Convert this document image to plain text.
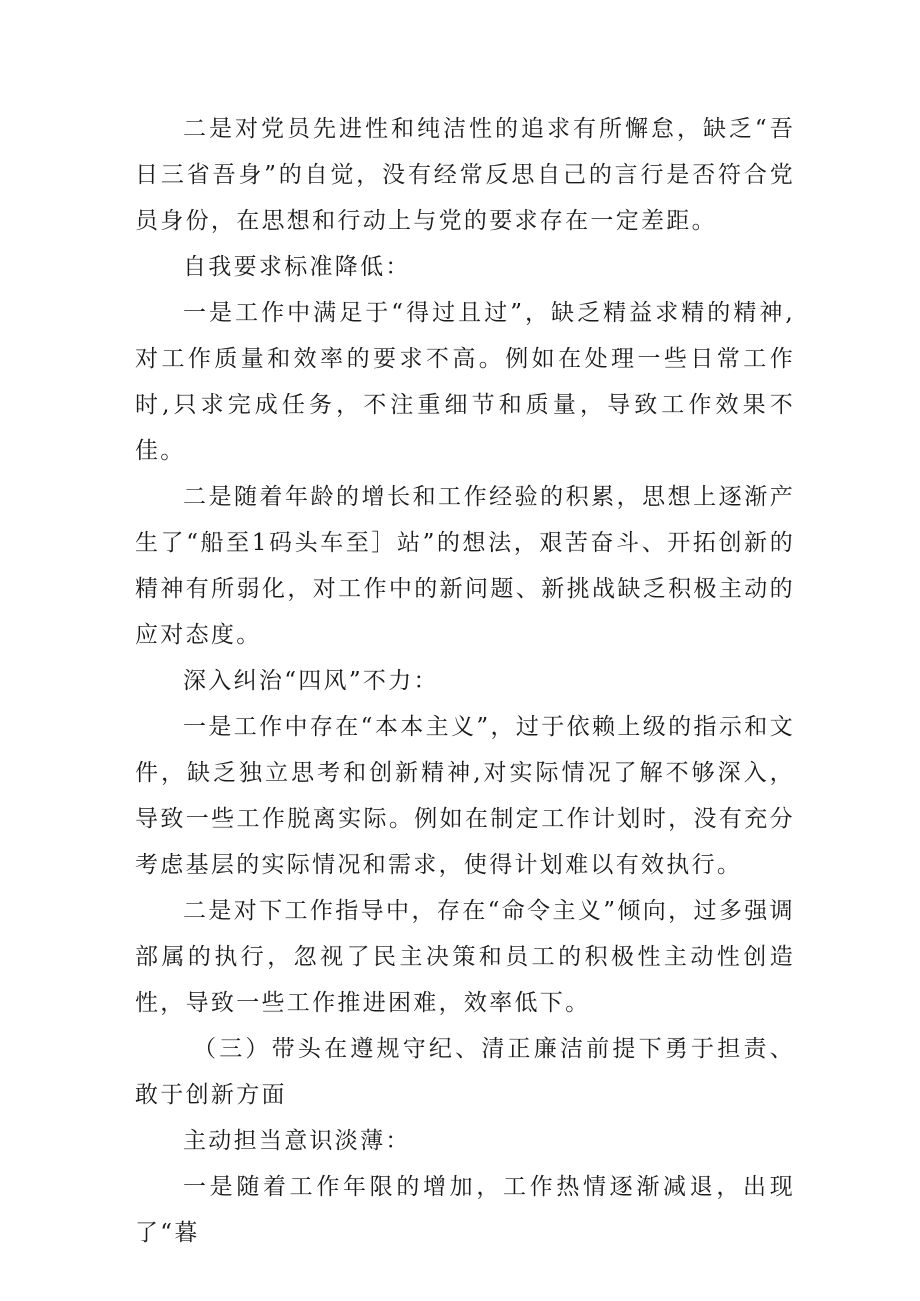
二是对党员先进性和纯洁性的追求有所懈怠，缺乏“吾日三省吾身”的自觉，没有经常反思自己的言行是否符合党员身份，在思想和行动上与党的要求存在一定差距。

自我要求标准降低：

一是工作中满足于“得过且过”，缺乏精益求精的精神,对工作质量和效率的要求不高。例如在处理一些日常工作时,只求完成任务，不注重细节和质量，导致工作效果不佳。

二是随着年龄的增长和工作经验的积累，思想上逐渐产生了“船至1码头车至］站”的想法，艰苦奋斗、开拓创新的精神有所弱化，对工作中的新问题、新挑战缺乏积极主动的应对态度。

深入纠治“四风”不力：

一是工作中存在“本本主义”，过于依赖上级的指示和文件，缺乏独立思考和创新精神,对实际情况了解不够深入，导致一些工作脱离实际。例如在制定工作计划时，没有充分考虑基层的实际情况和需求，使得计划难以有效执行。

二是对下工作指导中，存在“命令主义”倾向，过多强调部属的执行，忽视了民主决策和员工的积极性主动性创造性，导致一些工作推进困难，效率低下。

（三）带头在遵规守纪、清正廉洁前提下勇于担责、敢于创新方面

主动担当意识淡薄：

一是随着工作年限的增加，工作热情逐渐减退，出现了“暮
